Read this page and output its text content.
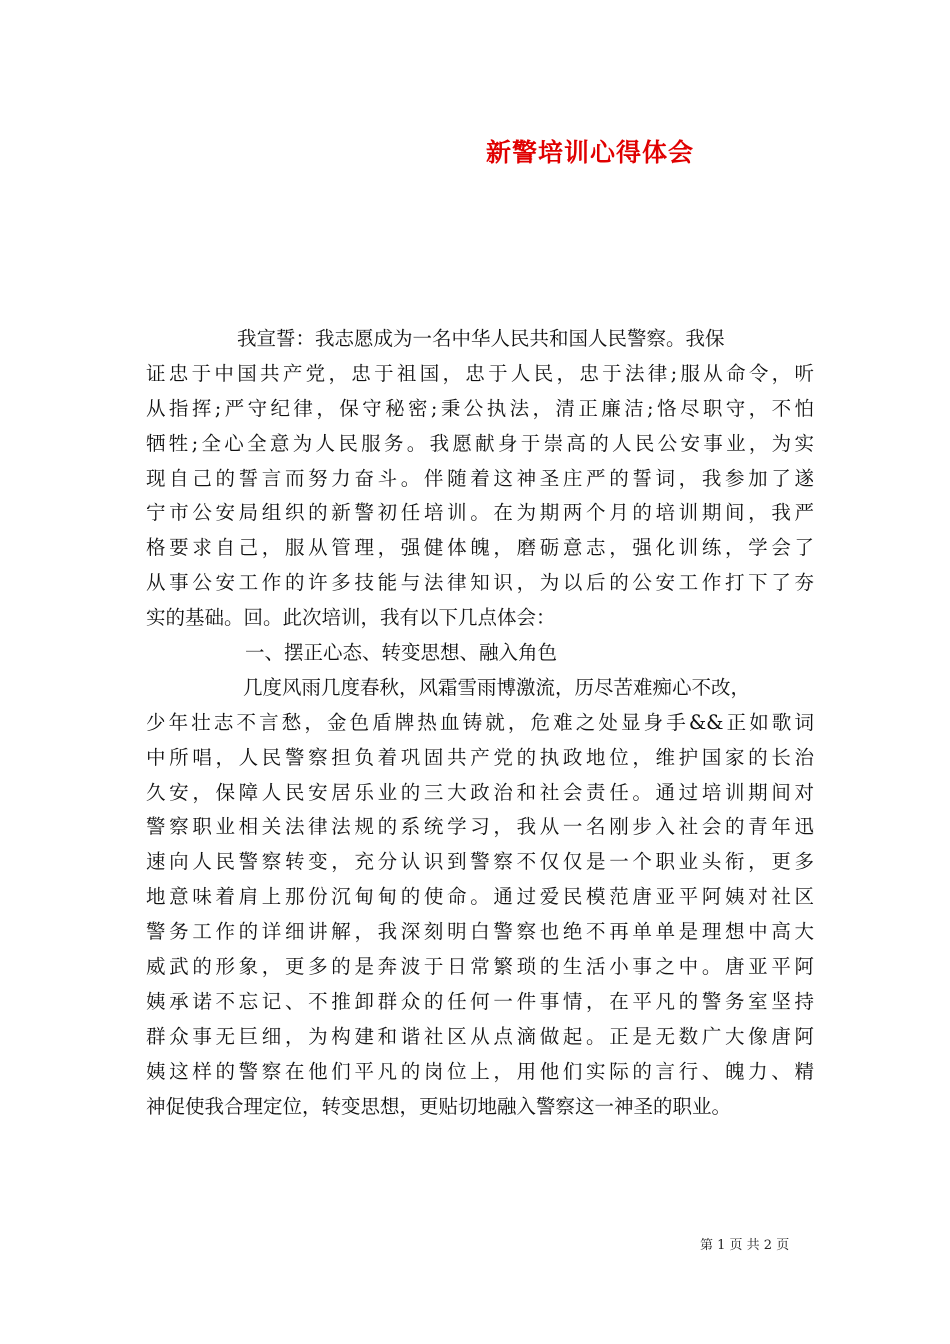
新警培训心得体会
我宣誓：我志愿成为一名中华人民共和国人民警察。我保
证忠于中国共产党，忠于祖国，忠于人民，忠于法律;服从命令，听
从指挥;严守纪律，保守秘密;秉公执法，清正廉洁;恪尽职守，不怕
牺牲;全心全意为人民服务。我愿献身于崇高的人民公安事业，为实
现自己的誓言而努力奋斗。伴随着这神圣庄严的誓词，我参加了遂
宁市公安局组织的新警初任培训。在为期两个月的培训期间，我严
格要求自己，服从管理，强健体魄，磨砺意志，强化训练，学会了
从事公安工作的许多技能与法律知识，为以后的公安工作打下了夯
实的基础。回。此次培训，我有以下几点体会：
一、摆正心态、转变思想、融入角色
几度风雨几度春秋，风霜雪雨博激流，历尽苦难痴心不改，
少年壮志不言愁，金色盾牌热血铸就，危难之处显身手&&正如歌词
中所唱，人民警察担负着巩固共产党的执政地位，维护国家的长治
久安，保障人民安居乐业的三大政治和社会责任。通过培训期间对
警察职业相关法律法规的系统学习，我从一名刚步入社会的青年迅
速向人民警察转变，充分认识到警察不仅仅是一个职业头衔，更多
地意味着肩上那份沉甸甸的使命。通过爱民模范唐亚平阿姨对社区
警务工作的详细讲解，我深刻明白警察也绝不再单单是理想中高大
威武的形象，更多的是奔波于日常繁琐的生活小事之中。唐亚平阿
姨承诺不忘记、不推卸群众的任何一件事情，在平凡的警务室坚持
群众事无巨细，为构建和谐社区从点滴做起。正是无数广大像唐阿
姨这样的警察在他们平凡的岗位上，用他们实际的言行、魄力、精
神促使我合理定位，转变思想，更贴切地融入警察这一神圣的职业。
第 1 页 共 2 页
